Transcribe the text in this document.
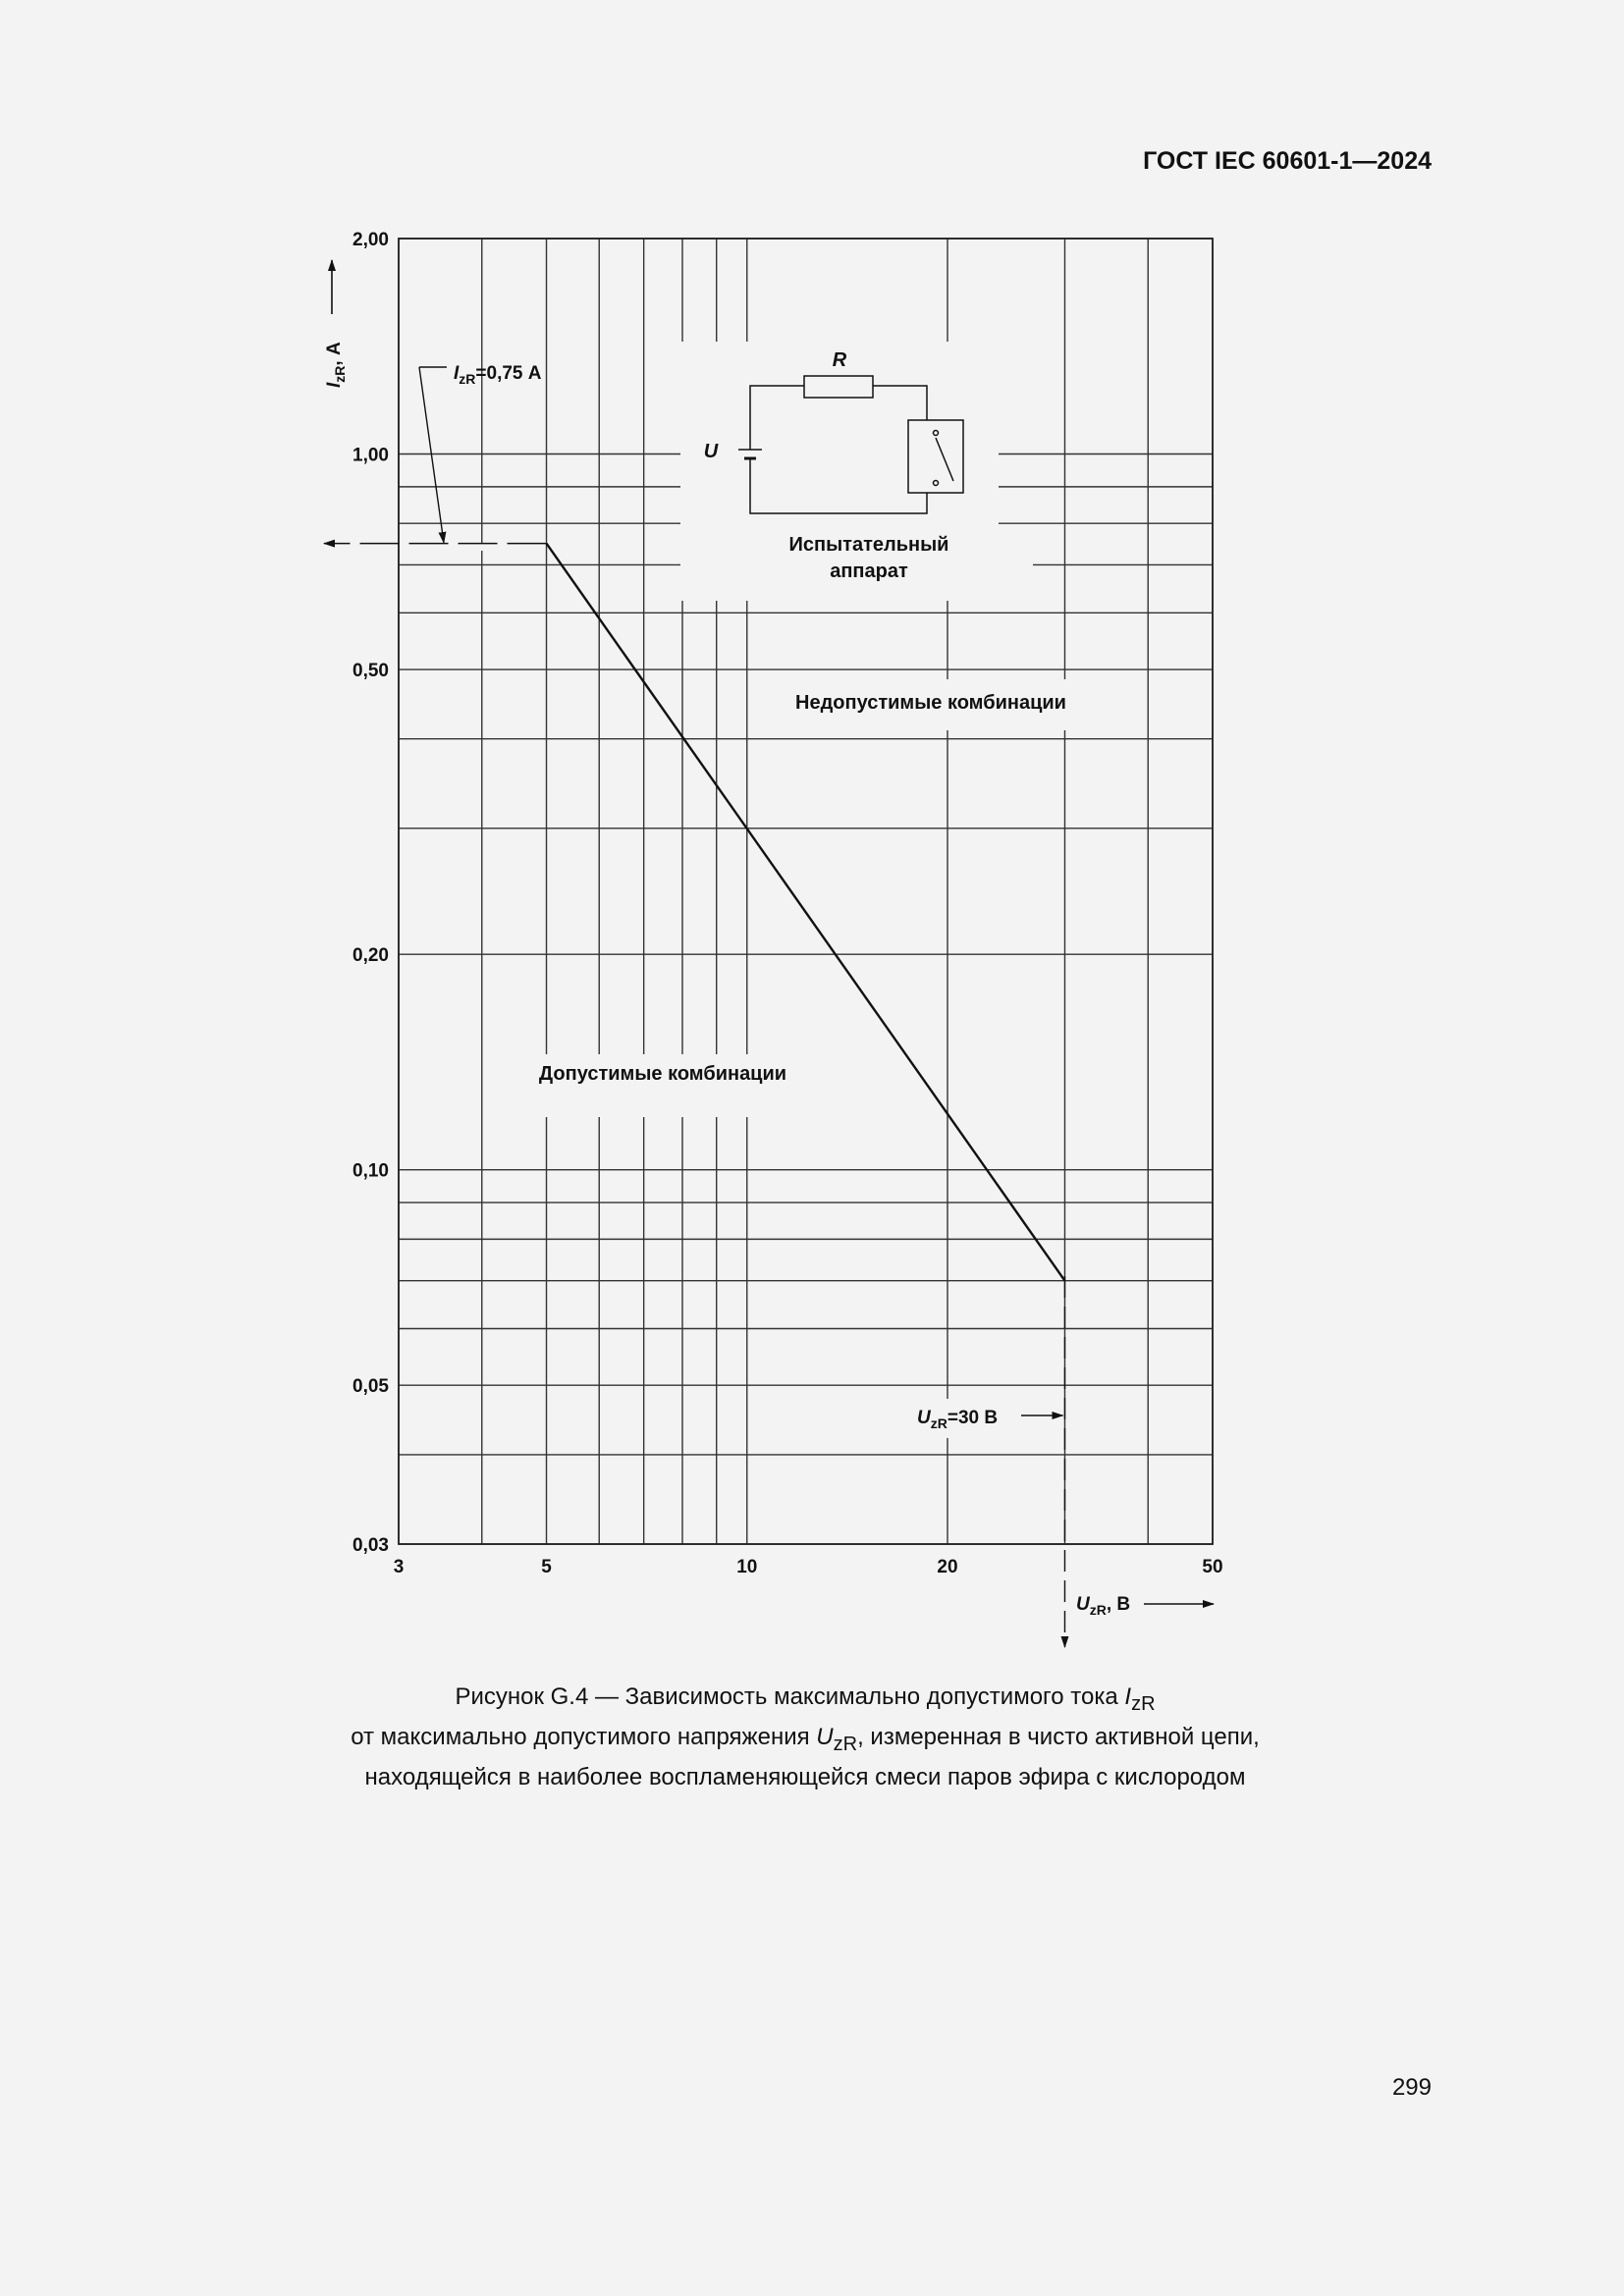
ГОСТ IEC 60601-1—2024
2,00
1,00
0,50
0,20
0,10
0,05
0,03
3	5	10	20	50
$I_{zR}$, А
$U_{zR}$, В
$I_{zR}=0,75$ А
$U_{zR}=30$ В
Недопустимые комбинации
Допустимые комбинации
R
U
Испытательный
аппарат
Рисунок G.4 — Зависимость максимально допустимого тока $I_{zR}$
от максимально допустимого напряжения $U_{zR}$, измеренная в чисто активной цепи,
находящейся в наиболее воспламеняющейся смеси паров эфира с кислородом
299
